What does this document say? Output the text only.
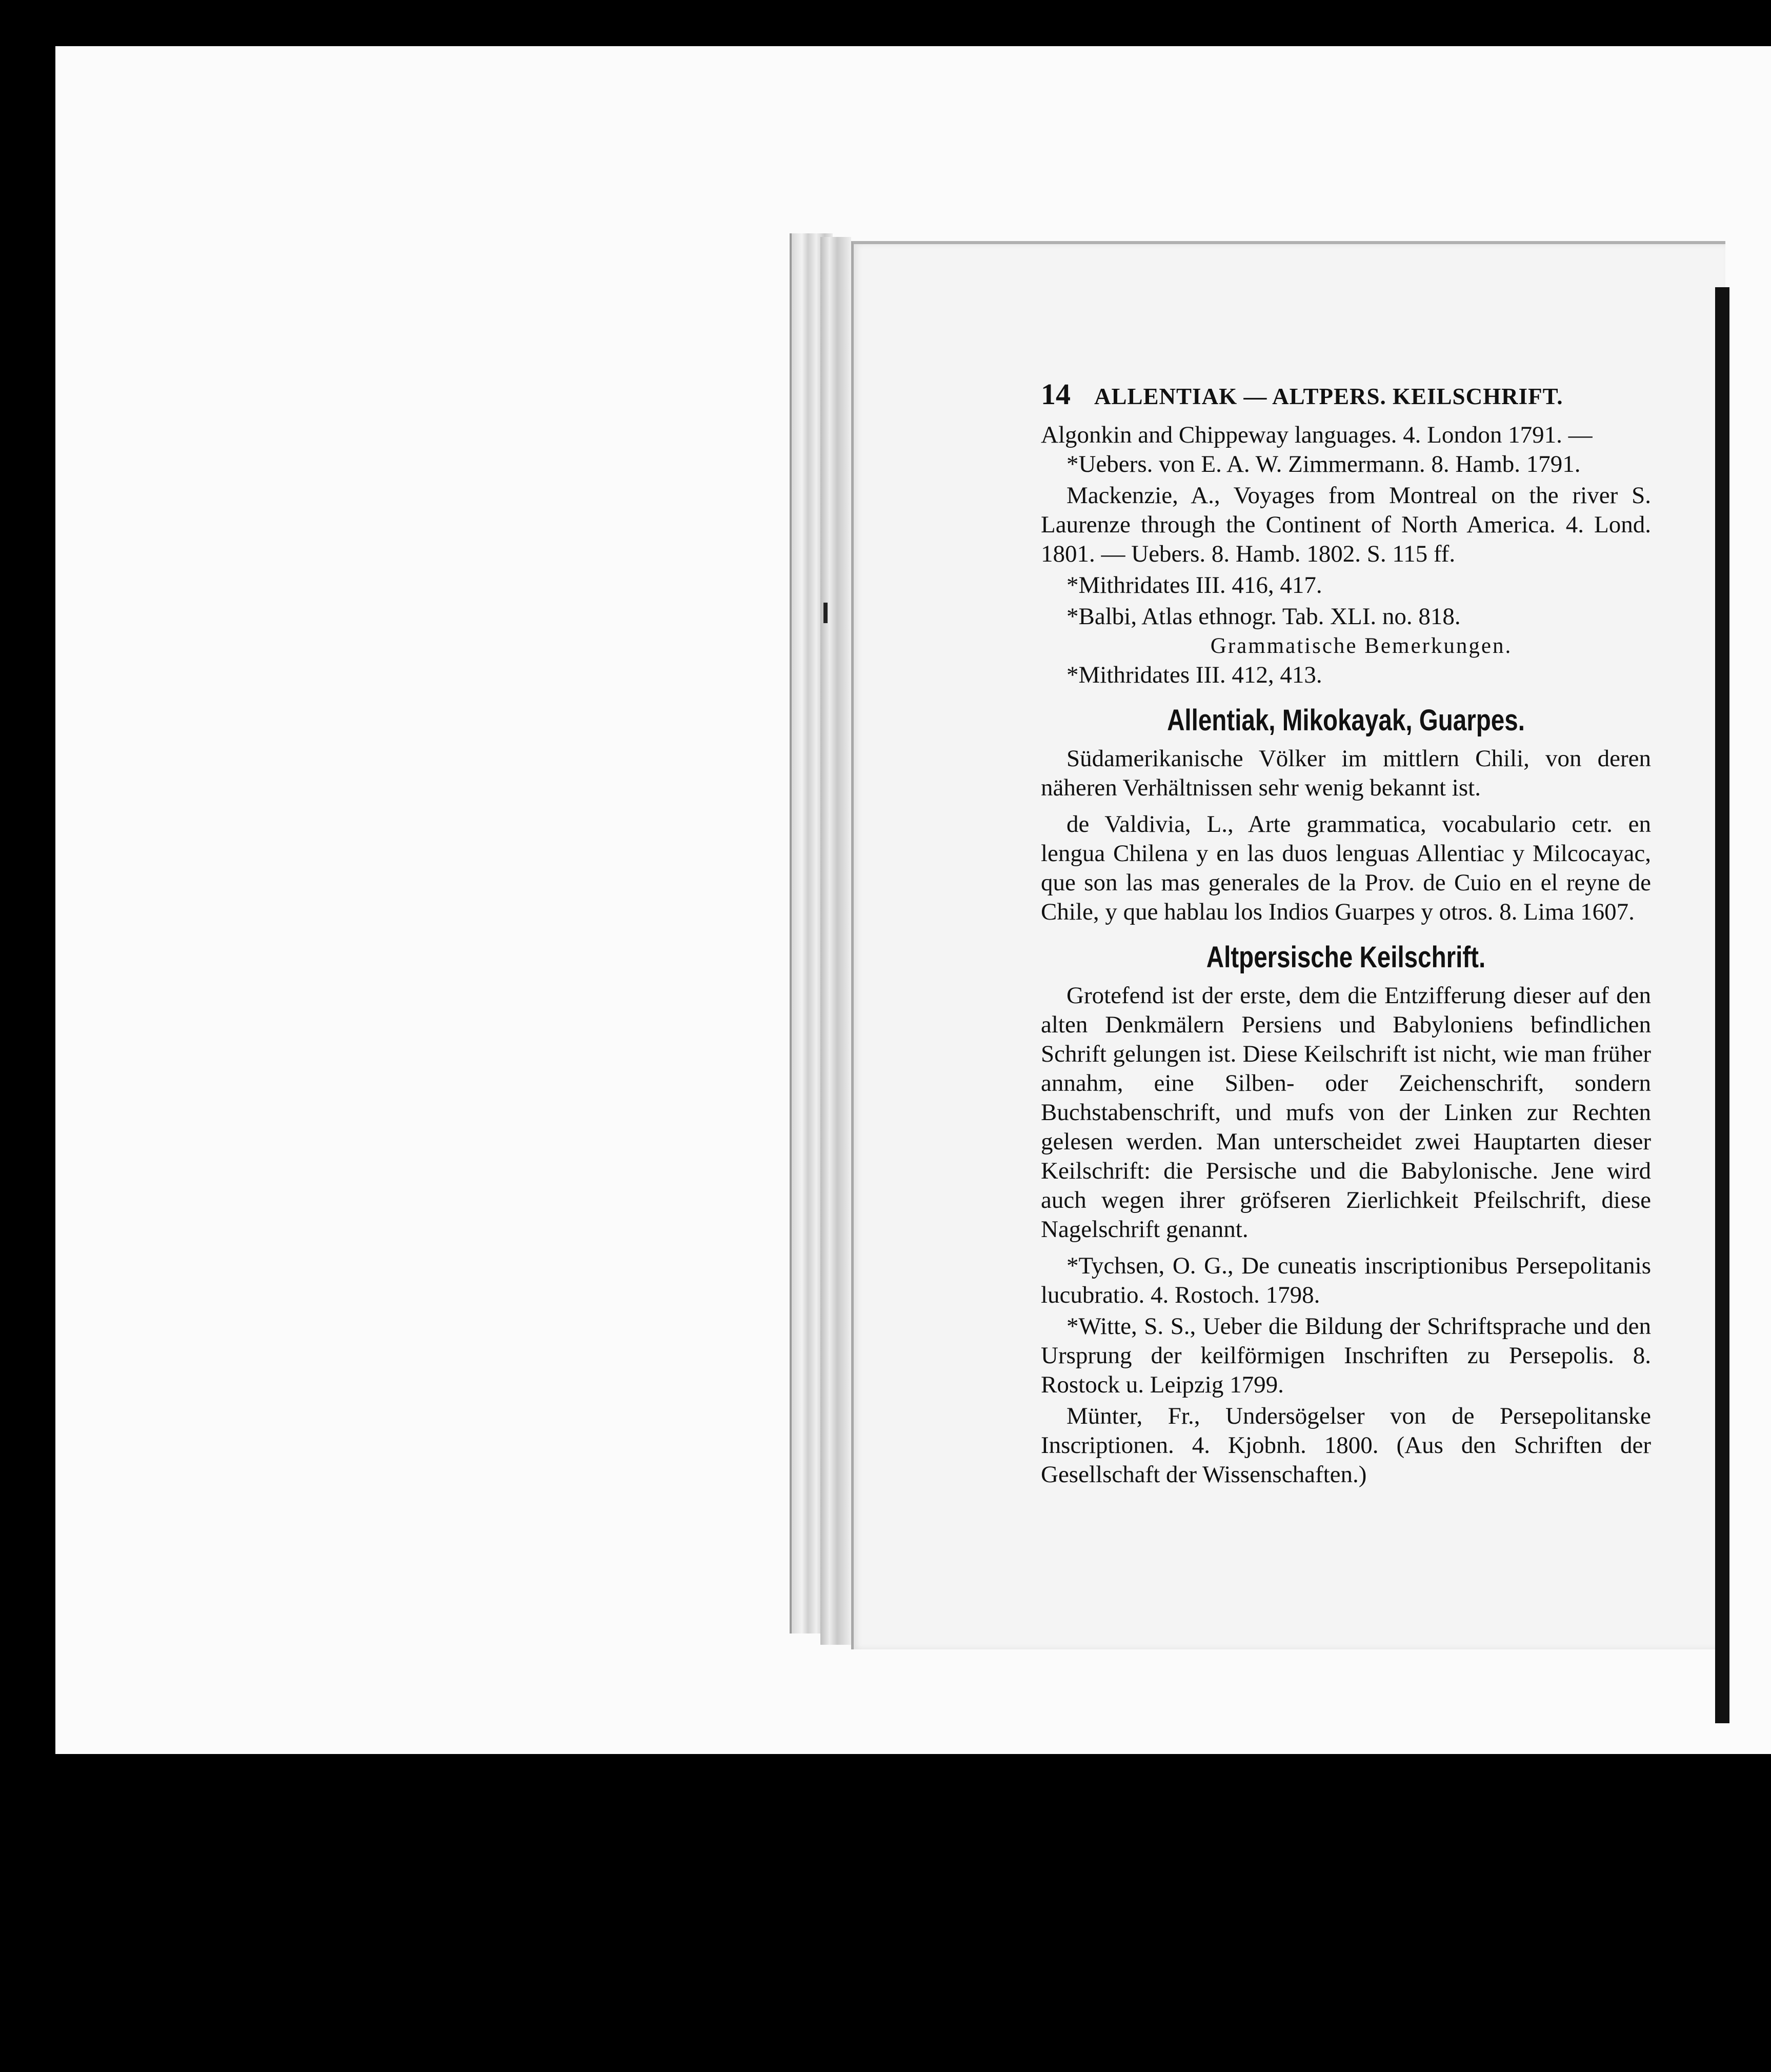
14 ALLENTIAK — ALTPERS. KEILSCHRIFT.

Algonkin and Chippeway languages. 4. London 1791. —

*Uebers. von E. A. W. Zimmermann. 8. Hamb. 1791.

Mackenzie, A., Voyages from Montreal on the river S. Laurenze through the Continent of North America. 4. Lond. 1801. — Uebers. 8. Hamb. 1802. S. 115 ff.

*Mithridates III. 416, 417.

*Balbi, Atlas ethnogr. Tab. XLI. no. 818.

Grammatische Bemerkungen.

*Mithridates III. 412, 413.

Allentiak, Mikokayak, Guarpes.

Südamerikanische Völker im mittlern Chili, von deren näheren Verhältnissen sehr wenig bekannt ist.

de Valdivia, L., Arte grammatica, vocabulario cetr. en lengua Chilena y en las duos lenguas Allentiac y Milcocayac, que son las mas generales de la Prov. de Cuio en el reyne de Chile, y que hablau los Indios Guarpes y otros. 8. Lima 1607.

Altpersische Keilschrift.

Grotefend ist der erste, dem die Entzifferung dieser auf den alten Denkmälern Persiens und Babyloniens befindlichen Schrift gelungen ist. Diese Keilschrift ist nicht, wie man früher annahm, eine Silben- oder Zeichenschrift, sondern Buchstabenschrift, und mufs von der Linken zur Rechten gelesen werden. Man unterscheidet zwei Hauptarten dieser Keilschrift: die Persische und die Babylonische. Jene wird auch wegen ihrer gröfseren Zierlichkeit Pfeilschrift, diese Nagelschrift genannt.

*Tychsen, O. G., De cuneatis inscriptionibus Persepolitanis lucubratio. 4. Rostoch. 1798.

*Witte, S. S., Ueber die Bildung der Schriftsprache und den Ursprung der keilförmigen Inschriften zu Persepolis. 8. Rostock u. Leipzig 1799.

Münter, Fr., Undersögelser von de Persepolitanske Inscriptionen. 4. Kjobnh. 1800. (Aus den Schriften der Gesellschaft der Wissenschaften.)
